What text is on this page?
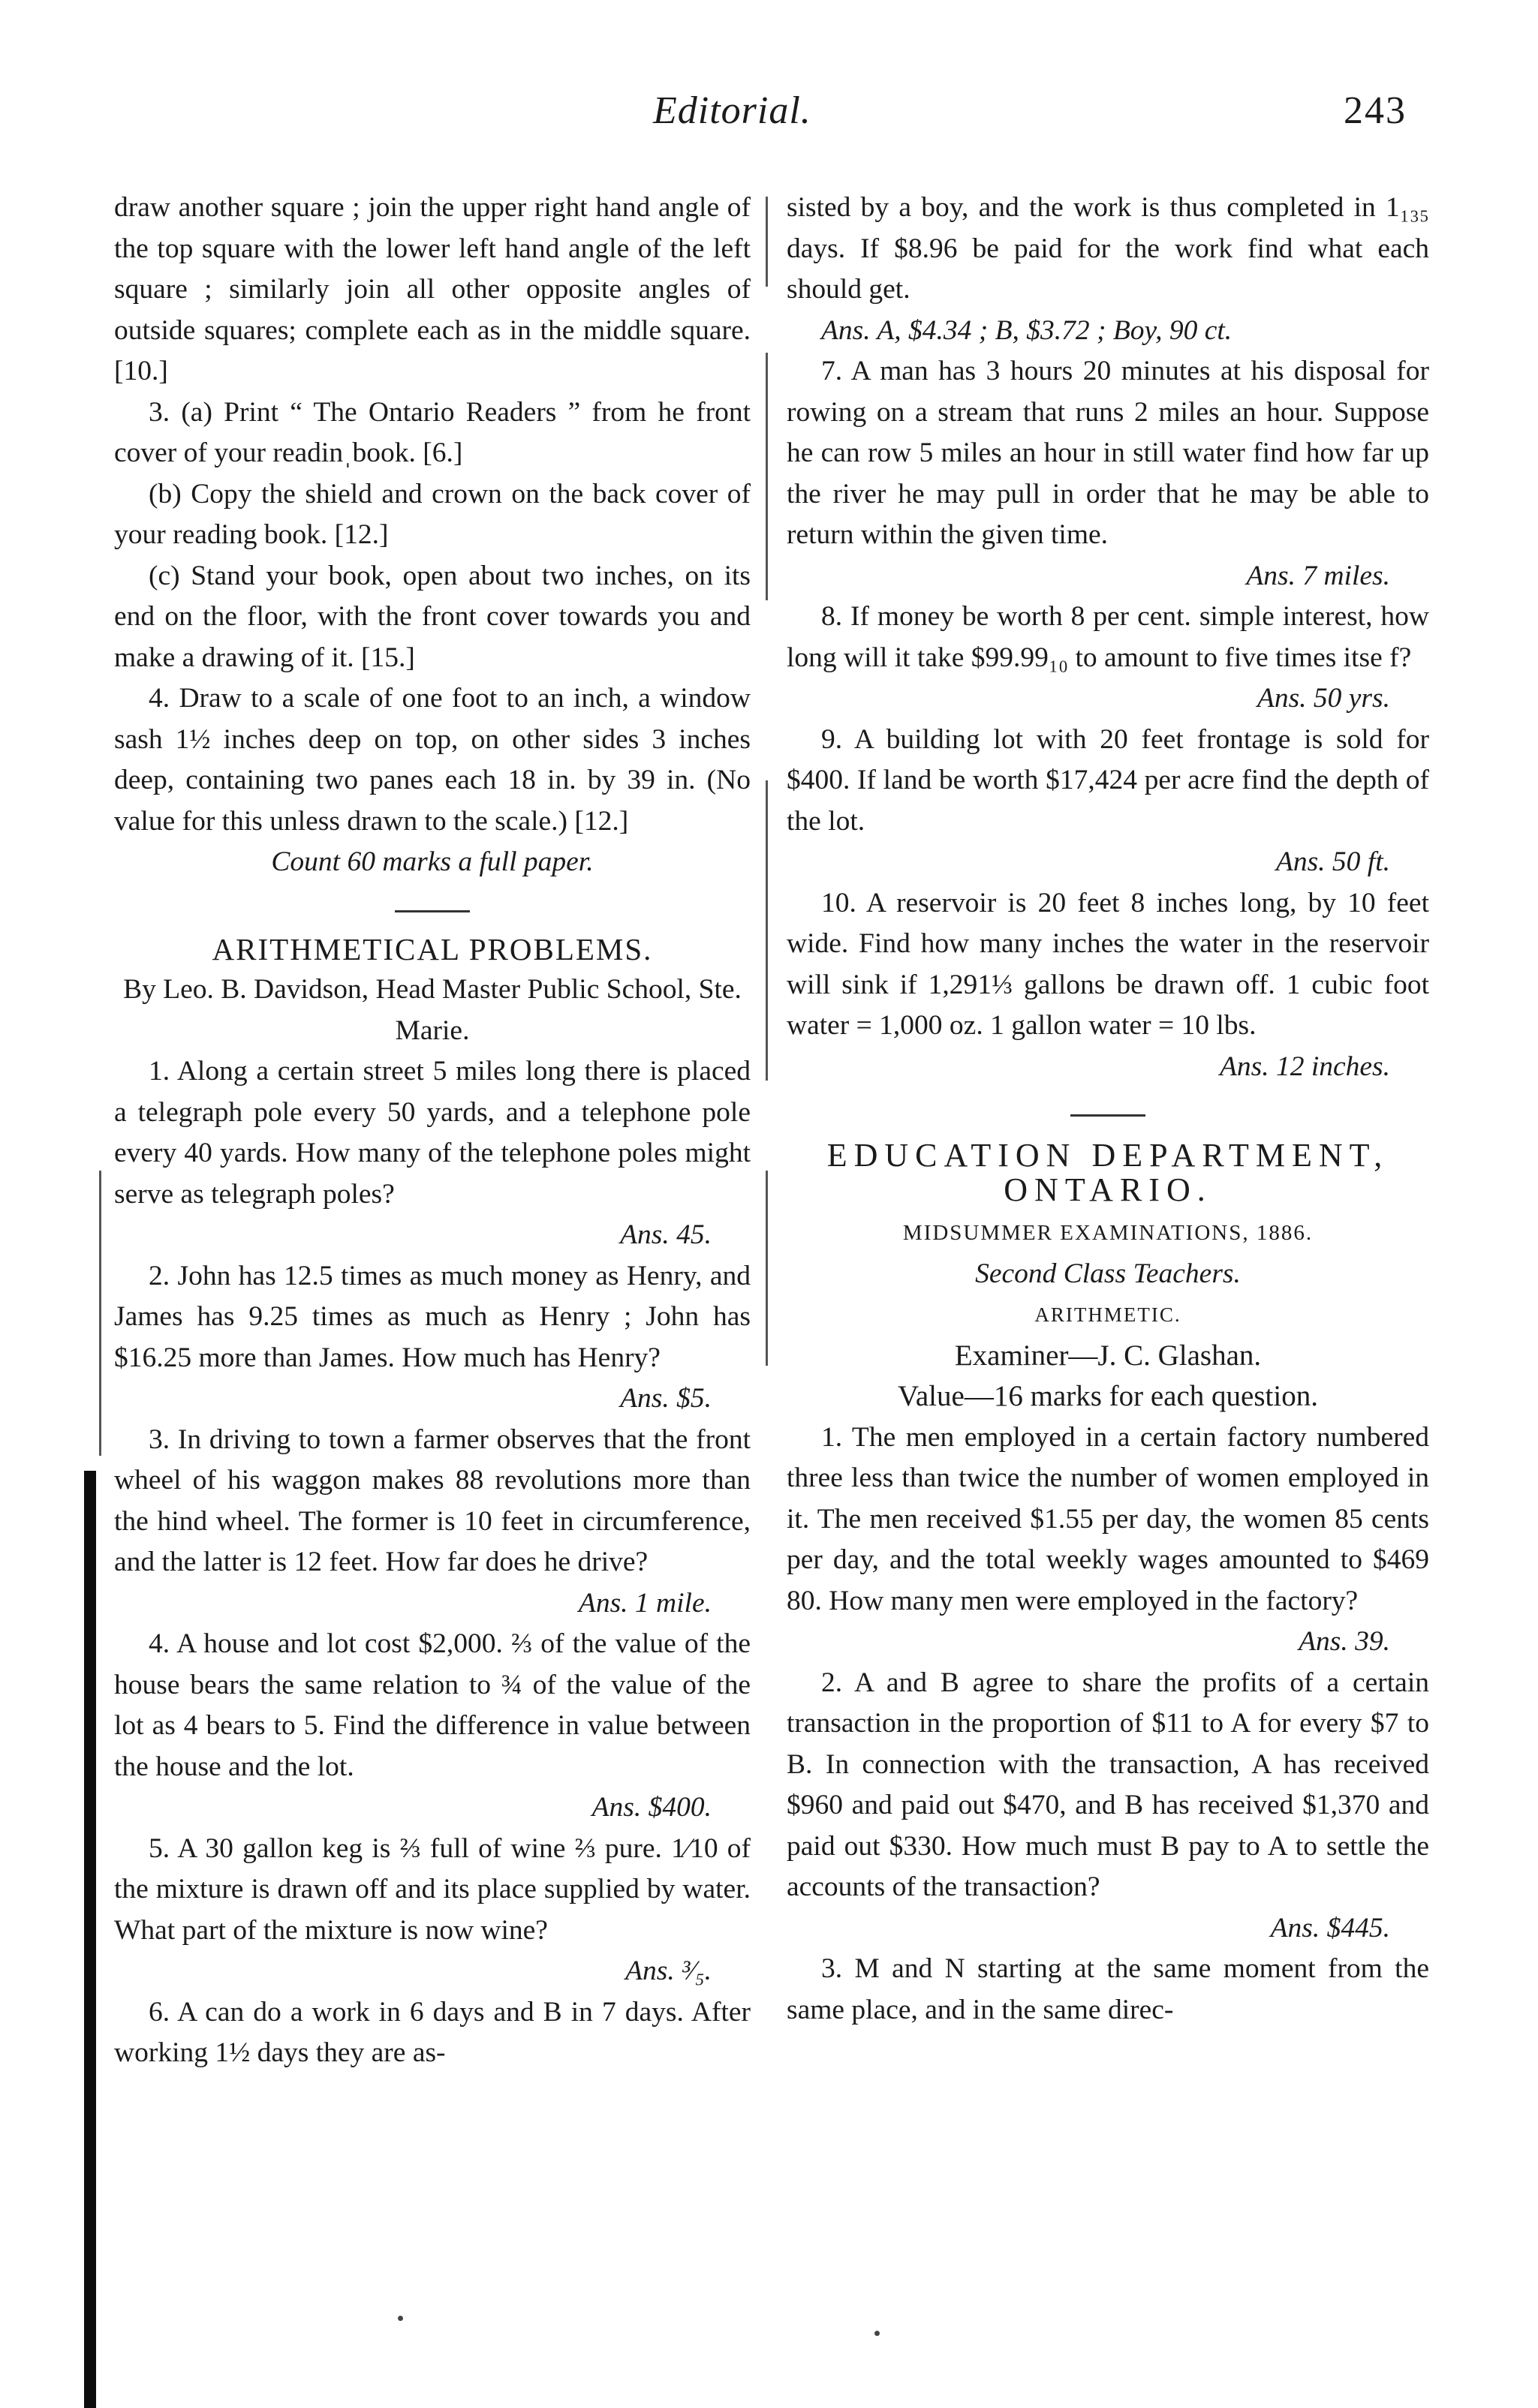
Editorial.	243

draw another square ; join the upper right hand angle of the top square with the lower left hand angle of the left square ; similarly join all other opposite angles of outside squares; complete each as in the middle square. [10.]

3. (a) Print “ The Ontario Readers ” from he front cover of your readinˌbook. [6.]

(b) Copy the shield and crown on the back cover of your reading book. [12.]

(c) Stand your book, open about two inches, on its end on the floor, with the front cover towards you and make a drawing of it. [15.]

4. Draw to a scale of one foot to an inch, a window sash 1½ inches deep on top, on other sides 3 inches deep, containing two panes each 18 in. by 39 in. (No value for this unless drawn to the scale.) [12.]

Count 60 marks a full paper.

ARITHMETICAL PROBLEMS.

By Leo. B. Davidson, Head Master Public School, Ste. Marie.

1. Along a certain street 5 miles long there is placed a telegraph pole every 50 yards, and a telephone pole every 40 yards. How many of the telephone poles might serve as telegraph poles?

Ans. 45.

2. John has 12.5 times as much money as Henry, and James has 9.25 times as much as Henry ; John has $16.25 more than James. How much has Henry?

Ans. $5.

3. In driving to town a farmer observes that the front wheel of his waggon makes 88 revolutions more than the hind wheel. The former is 10 feet in circumference, and the latter is 12 feet. How far does he drive?

Ans. 1 mile.

4. A house and lot cost $2,000. ⅔ of the value of the house bears the same relation to ¾ of the value of the lot as 4 bears to 5. Find the difference in value between the house and the lot.

Ans. $400.

5. A 30 gallon keg is ⅔ full of wine ⅔ pure. 1⁄10 of the mixture is drawn off and its place supplied by water. What part of the mixture is now wine?

Ans. ³⁄₅.

6. A can do a work in 6 days and B in 7 days. After working 1½ days they are as-

sisted by a boy, and the work is thus completed in 1₁₃₅ days. If $8.96 be paid for the work find what each should get.

Ans. A, $4.34 ; B, $3.72 ; Boy, 90 ct.

7. A man has 3 hours 20 minutes at his disposal for rowing on a stream that runs 2 miles an hour. Suppose he can row 5 miles an hour in still water find how far up the river he may pull in order that he may be able to return within the given time.

Ans. 7 miles.

8. If money be worth 8 per cent. simple interest, how long will it take $99.99₁₀ to amount to five times itse f?

Ans. 50 yrs.

9. A building lot with 20 feet frontage is sold for $400. If land be worth $17,424 per acre find the depth of the lot.

Ans. 50 ft.

10. A reservoir is 20 feet 8 inches long, by 10 feet wide. Find how many inches the water in the reservoir will sink if 1,291⅓ gallons be drawn off. 1 cubic foot water = 1,000 oz. 1 gallon water = 10 lbs.

Ans. 12 inches.

EDUCATION DEPARTMENT,

ONTARIO.

MIDSUMMER EXAMINATIONS, 1886.

Second Class Teachers.

ARITHMETIC.

Examiner—J. C. Glashan.

Value—16 marks for each question.

1. The men employed in a certain factory numbered three less than twice the number of women employed in it. The men received $1.55 per day, the women 85 cents per day, and the total weekly wages amounted to $469 80. How many men were employed in the factory?

Ans. 39.

2. A and B agree to share the profits of a certain transaction in the proportion of $11 to A for every $7 to B. In connection with the transaction, A has received $960 and paid out $470, and B has received $1,370 and paid out $330. How much must B pay to A to settle the accounts of the transaction?

Ans. $445.

3. M and N starting at the same moment from the same place, and in the same direc-
